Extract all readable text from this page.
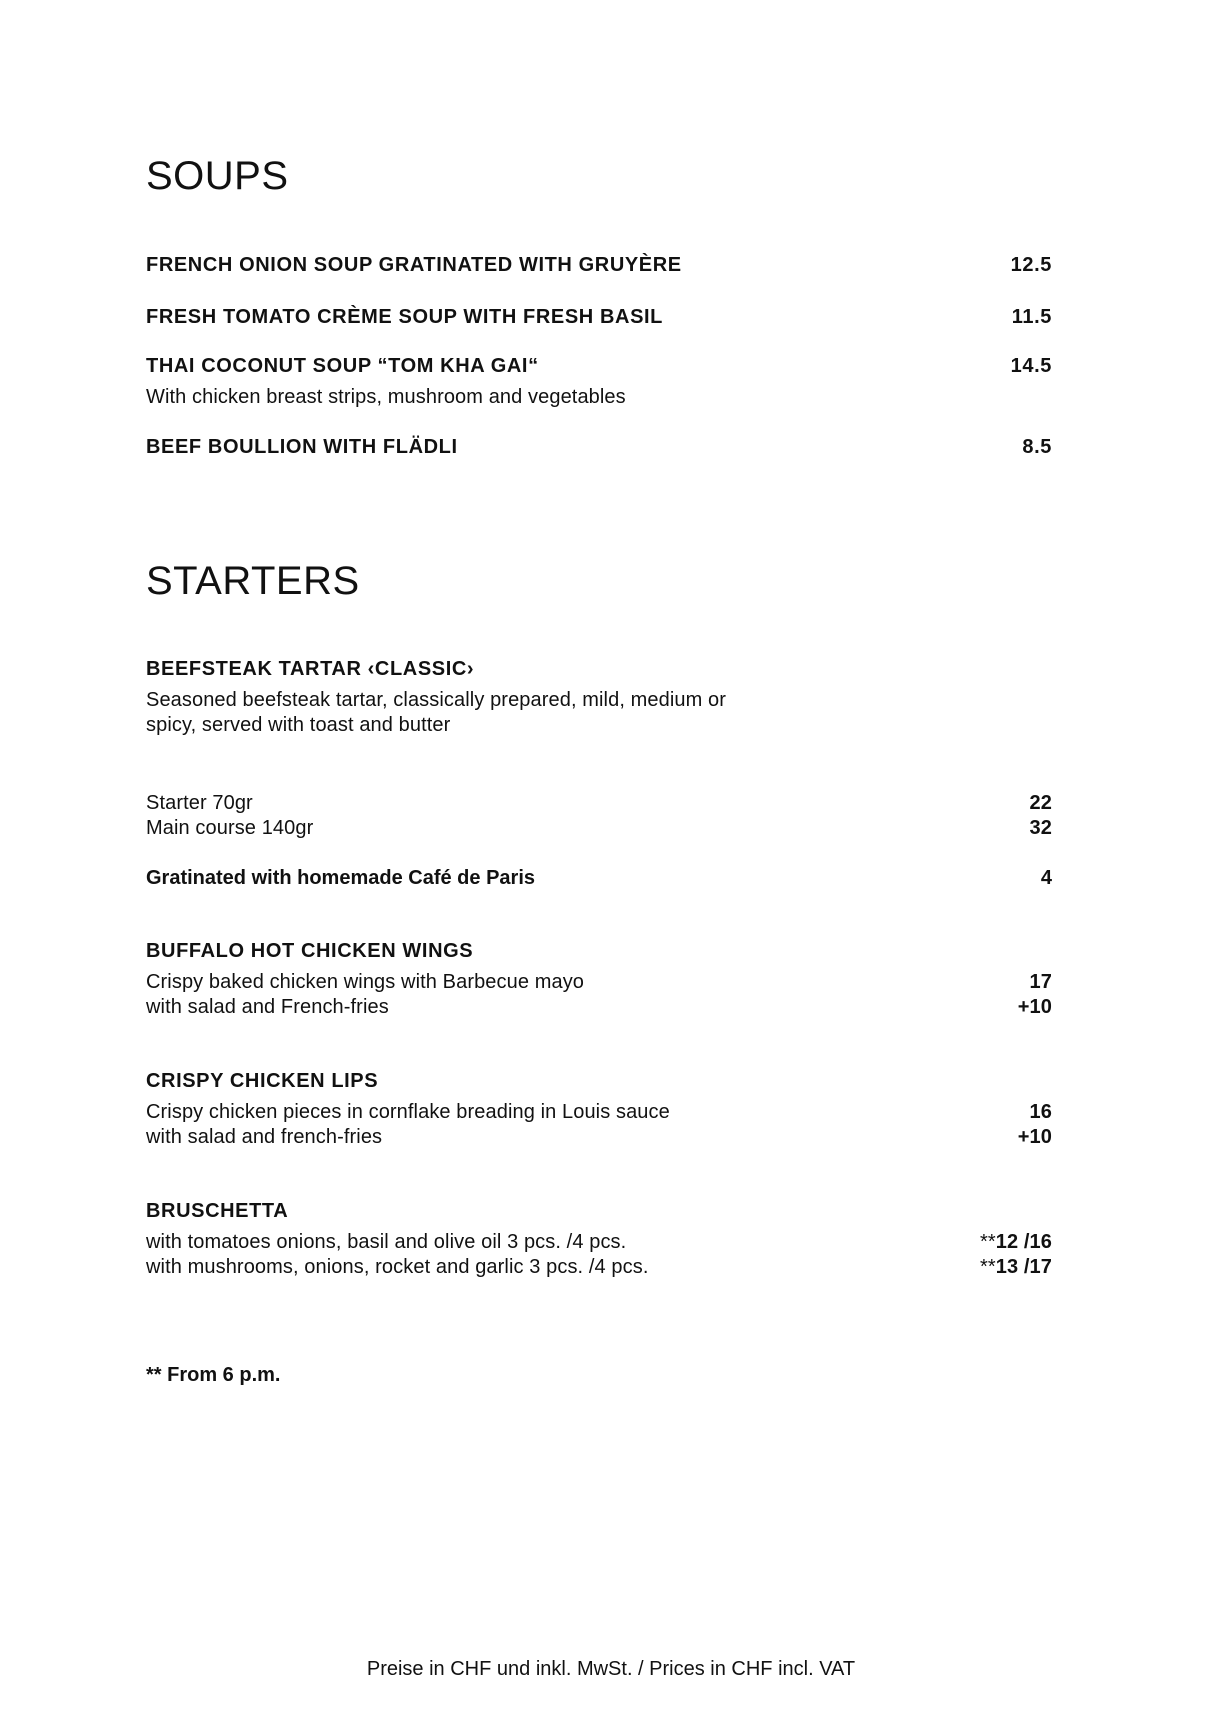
SOUPS
FRENCH ONION SOUP GRATINATED WITH GRUYÈRE	12.5
FRESH TOMATO CRÈME SOUP WITH FRESH BASIL	11.5
THAI COCONUT SOUP “TOM KHA GAI“	14.5
With chicken breast strips, mushroom and vegetables
BEEF BOULLION WITH FLÄDLI	8.5
STARTERS
BEEFSTEAK TARTAR ‹CLASSIC›
Seasoned beefsteak tartar, classically prepared, mild, medium or
spicy, served with toast and butter
Starter 70gr	22
Main course 140gr	32
Gratinated with homemade Café de Paris	4
BUFFALO HOT CHICKEN WINGS
Crispy baked chicken wings with Barbecue mayo	17
with salad and French-fries	+10
CRISPY CHICKEN LIPS
Crispy chicken pieces in cornflake breading in Louis sauce	16
with salad and french-fries	+10
BRUSCHETTA
with tomatoes onions, basil and olive oil 3 pcs. /4 pcs.	**12 /16
with mushrooms, onions, rocket and garlic 3 pcs. /4 pcs.	**13 /17
** From 6 p.m.
Preise in CHF und inkl. MwSt. / Prices in CHF incl. VAT
